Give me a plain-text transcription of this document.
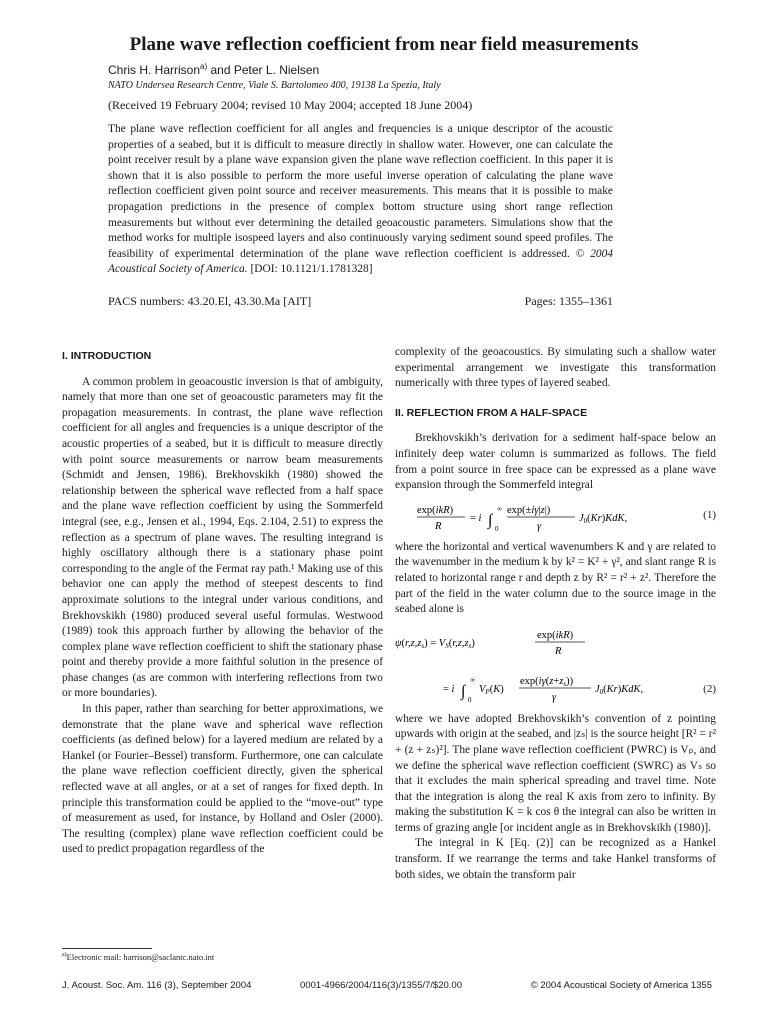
Plane wave reflection coefficient from near field measurements
Chris H. Harrison$^{a)}$ and Peter L. Nielsen
NATO Undersea Research Centre, Viale S. Bartolomeo 400, 19138 La Spezia, Italy
(Received 19 February 2004; revised 10 May 2004; accepted 18 June 2004)
The plane wave reflection coefficient for all angles and frequencies is a unique descriptor of the acoustic properties of a seabed, but it is difficult to measure directly in shallow water. However, one can calculate the point receiver result by a plane wave expansion given the plane wave reflection coefficient. In this paper it is shown that it is also possible to perform the more useful inverse operation of calculating the plane wave reflection coefficient given point source and receiver measurements. This means that it is possible to make propagation predictions in the presence of complex bottom structure using short range reflection measurements but without ever determining the detailed geoacoustic parameters. Simulations show that the method works for multiple isospeed layers and also continuously varying sediment sound speed profiles. The feasibility of experimental determination of the plane wave reflection coefficient is addressed. © 2004 Acoustical Society of America. [DOI: 10.1121/1.1781328]
PACS numbers: 43.20.El, 43.30.Ma [AIT]	Pages: 1355–1361
I. INTRODUCTION

A common problem in geoacoustic inversion is that of ambiguity, namely that more than one set of geoacoustic parameters may fit the propagation measurements. In contrast, the plane wave reflection coefficient for all angles and frequencies is a unique descriptor of the acoustic properties of a seabed, but it is difficult to measure directly with point source measurements or narrow beam measurements (Schmidt and Jensen, 1986). Brekhovskikh (1980) showed the relationship between the spherical wave reflected from a half space and the plane wave reflection coefficient by using the Sommerfeld integral (see, e.g., Jensen et al., 1994, Eqs. 2.104, 2.51) to express the reflection as a spectrum of plane waves. The resulting integrand is highly oscillatory although there is a stationary phase point corresponding to the angle of the Fermat ray path.¹ Making use of this behavior one can apply the method of steepest descents to find approximate solutions to the integral under various conditions, and Brekhovskikh (1980) produced several useful formulas. Westwood (1989) took this approach further by allowing the behavior of the complex plane wave reflection coefficient to shift the stationary phase point and thereby provide a more faithful solution in the presence of phase changes (as are common with interfering reflections from two or more boundaries).

In this paper, rather than searching for better approximations, we demonstrate that the plane wave and spherical wave reflection coefficients (as defined below) for a layered medium are related by a Hankel (or Fourier–Bessel) transform. Furthermore, one can calculate the plane wave reflection coefficient directly, given the spherical reflected wave at all angles, or at a set of ranges for fixed depth. In principle this transformation could be applied to the “move-out” type of measurement as used, for instance, by Holland and Osler (2000). The resulting (complex) plane wave reflection coefficient could be used to predict propagation regardless of the

complexity of the geoacoustics. By simulating such a shallow water experimental arrangement we investigate this transformation numerically with three types of layered seabed.

II. REFLECTION FROM A HALF-SPACE

Brekhovskikh’s derivation for a sediment half-space below an infinitely deep water column is summarized as follows. The field from a point source in free space can be expressed as a plane wave expansion through the Sommerfeld integral

exp(ikR)
R
= i ∫
∞
0
exp(±iγ|z|)
γ
J0(Kr)KdK,	(1)

where the horizontal and vertical wavenumbers K and γ are related to the wavenumber in the medium k by k² = K² + γ², and slant range R is related to horizontal range r and depth z by R² = r² + z². Therefore the part of the field in the water column due to the source image in the seabed alone is

ψ(r,z,zs) = VS(r,z,zs)
exp(ikR)
R
= i ∫
∞
0
VP(K)
exp(iγ(z+zs))
γ
J0(Kr)KdK,	(2)

where we have adopted Brekhovskikh’s convention of z pointing upwards with origin at the seabed, and |zₛ| is the source height [R² = r² + (z + zₛ)²]. The plane wave reflection coefficient (PWRC) is Vₚ, and we define the spherical wave reflection coefficient (SWRC) as Vₛ so that it excludes the main spherical spreading and travel time. Note that the integration is along the real K axis from zero to infinity. By making the substitution K = k cos θ the integral can also be written in terms of grazing angle [or incident angle as in Brekhovskikh (1980)].

The integral in K [Eq. (2)] can be recognized as a Hankel transform. If we rearrange the terms and take Hankel transforms of both sides, we obtain the transform pair

$^{a)}$Electronic mail: harrison@saclantc.nato.int
J. Acoust. Soc. Am. 116 (3), September 2004	0001-4966/2004/116(3)/1355/7/$20.00	© 2004 Acoustical Society of America 1355
